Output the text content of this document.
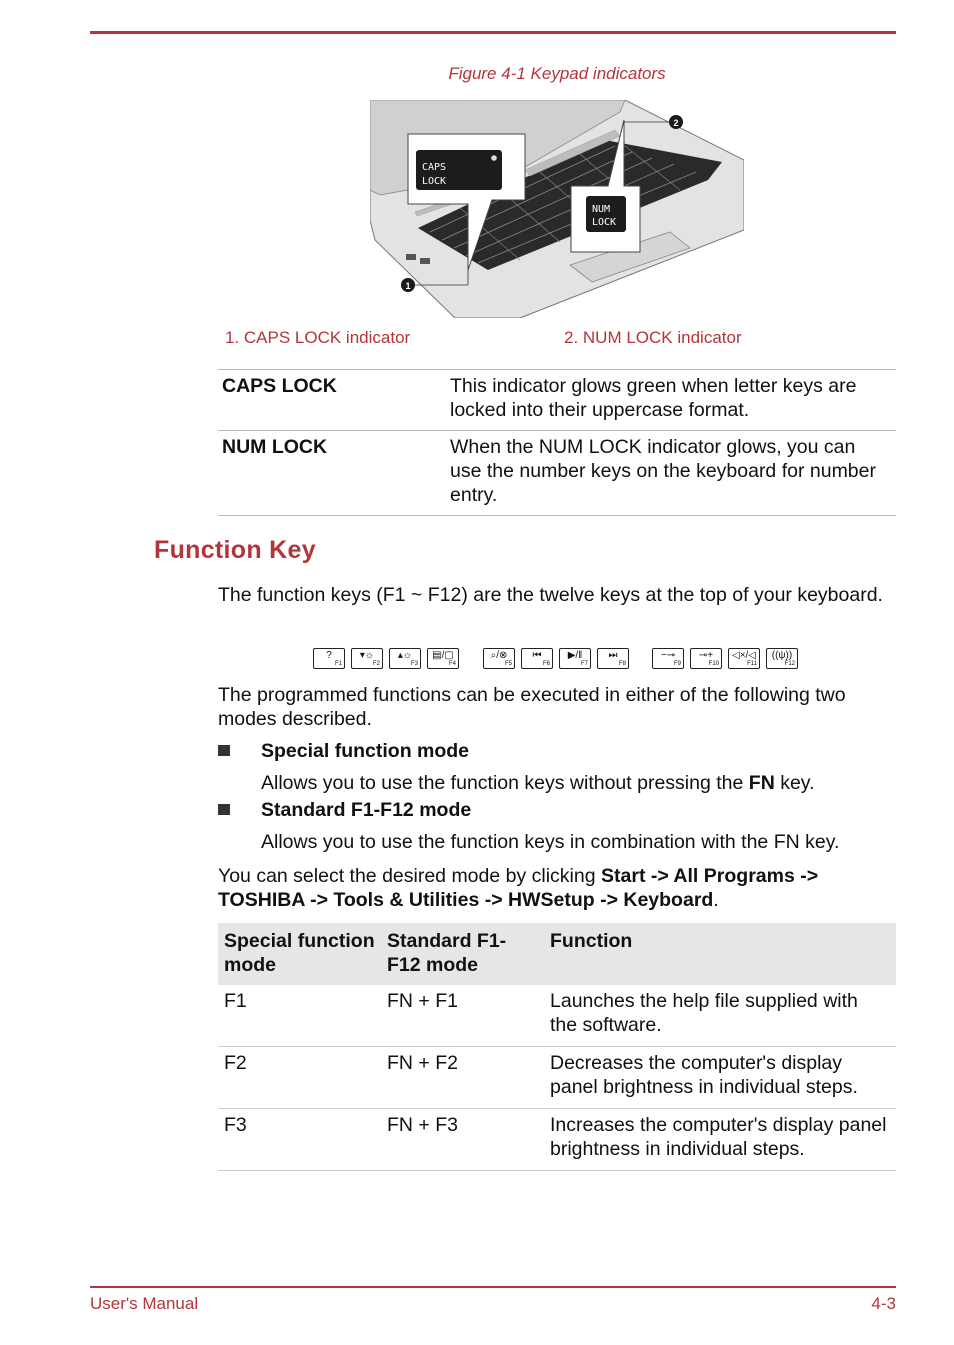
Figure 4-1 Keypad indicators
CAPS
LOCK
1
NUM
LOCK
2
1. CAPS LOCK indicator	2. NUM LOCK indicator
CAPS LOCK	This indicator glows green when letter keys are locked into their uppercase format.
NUM LOCK	When the NUM LOCK indicator glows, you can use the number keys on the keyboard for number entry.
Function Key

The function keys (F1 ~ F12) are the twelve keys at the top of your keyboard.

?
F1
▾☼
F2
▴☼
F3
▤/▢
F4
⌕/⊗
F5
⏮
F6
▶/‖
F7
⏭
F8
−⊸
F9
⊸+
F10
◁×/◁
F11
((ψ))
F12

The programmed functions can be executed in either of the following two modes described.

Special function mode
Allows you to use the function keys without pressing the FN key.
Standard F1-F12 mode
Allows you to use the function keys in combination with the FN key.

You can select the desired mode by clicking Start -> All Programs -> TOSHIBA -> Tools & Utilities -> HWSetup -> Keyboard.

Special function mode	Standard F1-F12 mode	Function
F1	FN + F1	Launches the help file supplied with the software.
F2	FN + F2	Decreases the computer's display panel brightness in individual steps.
F3	FN + F3	Increases the computer's display panel brightness in individual steps.
User's Manual	4-3
